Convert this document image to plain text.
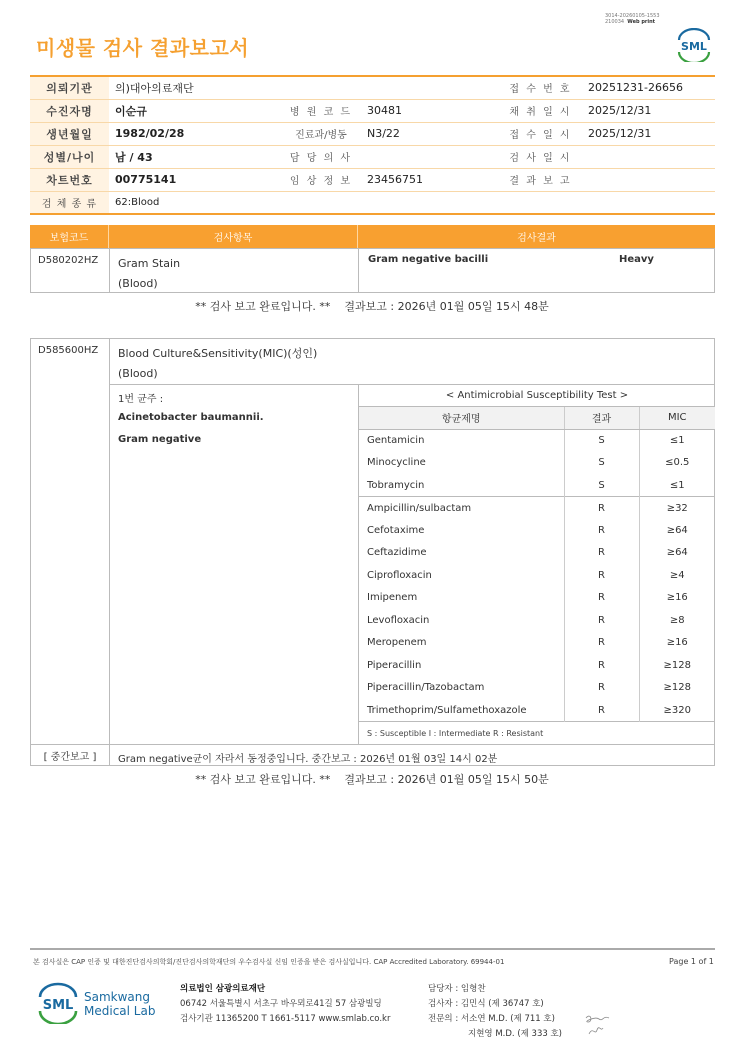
미생물 검사 결과보고서
3014-20260105-1553
210034 Web print
SML
의뢰기관	의)대아의료재단			접 수 번 호	20251231-26656
수진자명	이순규	병 원 코 드	30481	채 취 일 시	2025/12/31
생년월일	1982/02/28	진료과/병동	N3/22	접 수 일 시	2025/12/31
성별/나이	남 / 43	담 당 의 사		검 사 일 시	
차트번호	00775141	임 상 정 보	23456751	결 과 보 고	
검 체 종 류	62:Blood				
보험코드	검사항목	검사결과
D580202HZ	Gram Stain
(Blood)
Gram negative bacilli	Heavy
** 검사 보고 완료입니다. ** 결과보고 : 2026년 01월 05일 15시 48분
D585600HZ	Blood Culture&Sensitivity(MIC)(성인)
(Blood)
1번 균주 :
Acinetobacter baumannii.
Gram negative
< Antimicrobial Susceptibility Test >		
항균제명	결과	MIC
Gentamicin	S	≤1
Minocycline	S	≤0.5
Tobramycin	S	≤1
Ampicillin/sulbactam	R	≥32
Cefotaxime	R	≥64
Ceftazidime	R	≥64
Ciprofloxacin	R	≥4
Imipenem	R	≥16
Levofloxacin	R	≥8
Meropenem	R	≥16
Piperacillin	R	≥128
Piperacillin/Tazobactam	R	≥128
Trimethoprim/Sulfamethoxazole	R	≥320
S : Susceptible I : Intermediate R : Resistant		
[ 중간보고 ]	Gram negative균이 자라서 동정중입니다. 중간보고 : 2026년 01월 03일 14시 02분
** 검사 보고 완료입니다. ** 결과보고 : 2026년 01월 05일 15시 50분
본 검사실은 CAP 인증 및 대한진단검사의학회/진단검사의학재단의 우수검사실 신임 인증을 받은 검사실입니다. CAP Accredited Laboratory. 69944-01	Page 1 of 1
SML
Samkwang
Medical Lab
의료법인 삼광의료재단
06742 서울특별시 서초구 바우뫼로41길 57 삼광빌딩
검사기관 11365200 T 1661-5117 www.smlab.co.kr
담당자 : 임형찬
검사자 : 김민식 (제 36747 호)
전문의 : 서소연 M.D. (제 711 호)
지현영 M.D. (제 333 호)
